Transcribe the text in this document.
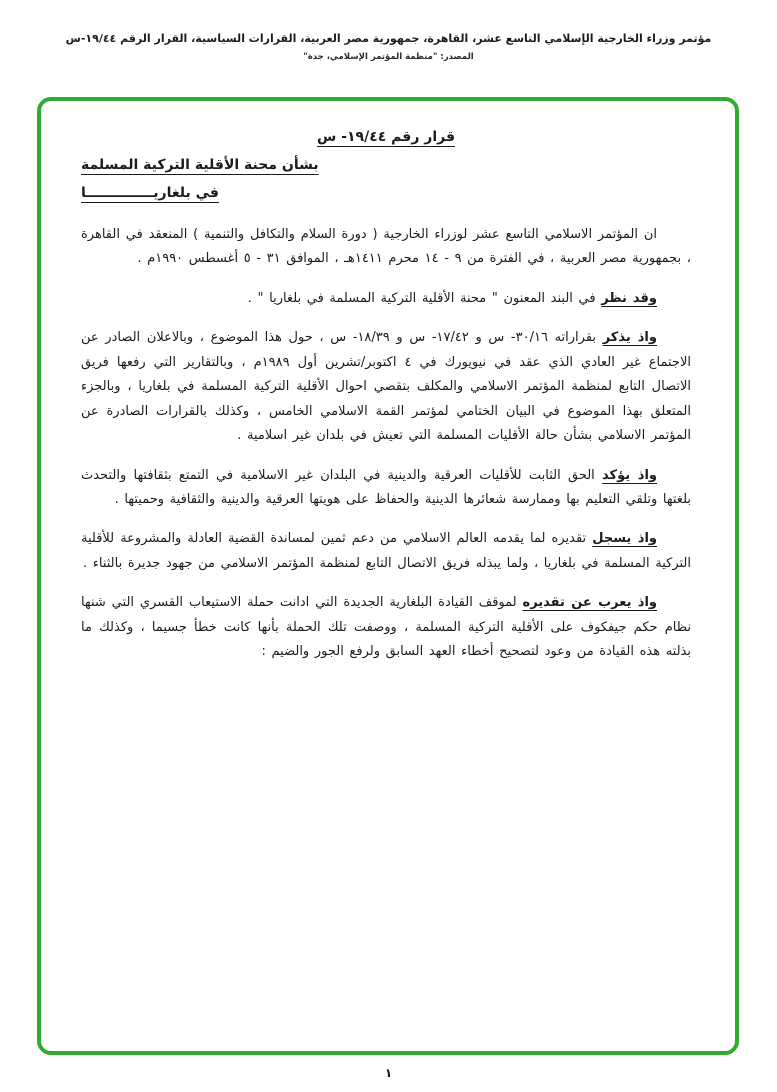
مؤتمر وزراء الخارجية الإسلامي التاسع عشر، القاهرة، جمهورية مصر العربية، القرارات السياسية، القرار الرقم ١٩/٤٤-س
المصدر: "منظمة المؤتمر الإسلامي، جدة"
قرار رقم ١٩/٤٤- س
بشأن محنة الأقلية التركية المسلمة
في بلغاريــــــــــــــا

ان المؤتمر الاسلامي التاسع عشر لوزراء الخارجية ( دورة السلام والتكافل والتنمية ) المنعقد في القاهرة ، بجمهورية مصر العربية ، في الفترة من ٩ - ١٤ محرم ١٤١١هـ ، الموافق ٣١ - ٥ أغسطس ١٩٩٠م .

وقد نظر في البند المعنون " محنة الأقلية التركية المسلمة في بلغاريا " .

واذ يذكر بقراراته ٣٠/١٦- س و ١٧/٤٢- س و ١٨/٣٩- س ، حول هذا الموضوع ، وبالاعلان الصادر عن الاجتماع غير العادي الذي عقد في نيويورك في ٤ اكتوبر/تشرين أول ١٩٨٩م ، وبالتقارير التي رفعها فريق الاتصال التابع لمنظمة المؤتمر الاسلامي والمكلف بتقصي احوال الأقلية التركية المسلمة في بلغاريا ، وبالجزء المتعلق بهذا الموضوع في البيان الختامي لمؤتمر القمة الاسلامي الخامس ، وكذلك بالقرارات الصادرة عن المؤتمر الاسلامي بشأن حالة الأقليات المسلمة التي تعيش في بلدان غير اسلامية .

واذ يؤكد الحق الثابت للأقليات العرقية والدينية في البلدان غير الاسلامية في التمتع بثقافتها والتحدث بلغتها وتلقي التعليم بها وممارسة شعائرها الدينية والحفاظ على هويتها العرقية والدينية والثقافية وحميتها .

واذ يسجل تقديره لما يقدمه العالم الاسلامي من دعم ثمين لمساندة القضية العادلة والمشروعة للأقلية التركية المسلمة في بلغاريا ، ولما يبذله فريق الاتصال التابع لمنظمة المؤتمر الاسلامي من جهود جديرة بالثناء .

واذ يعرب عن تقديره لموقف القيادة البلغارية الجديدة التي ادانت حملة الاستيعاب القسري التي شنها نظام حكم جيفكوف على الأقلية التركية المسلمة ، ووصفت تلك الحملة بأنها كانت خطأ جسيما ، وكذلك ما بذلته هذه القيادة من وعود لتصحيح أخطاء العهد السابق ولرفع الجور والضيم :

١
